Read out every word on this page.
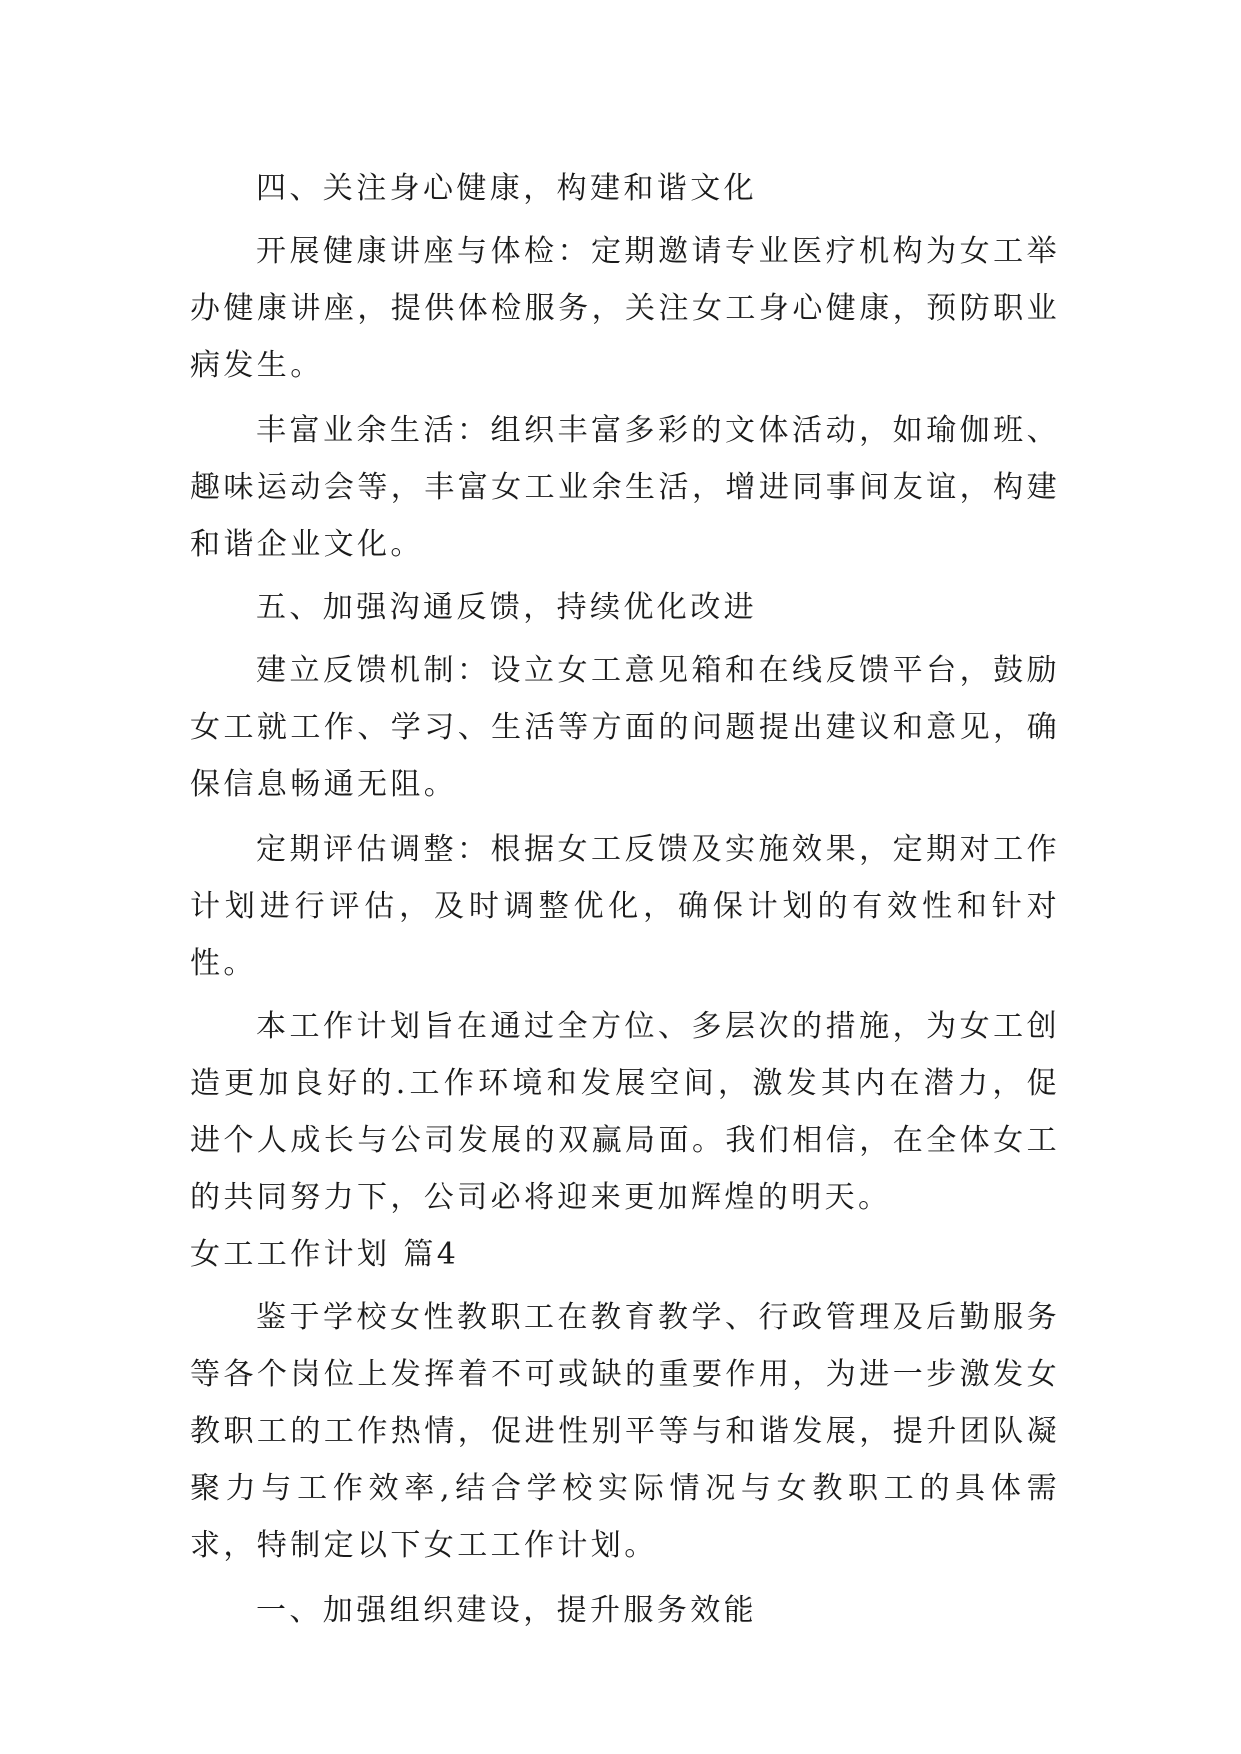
四、关注身心健康，构建和谐文化

开展健康讲座与体检：定期邀请专业医疗机构为女工举办健康讲座，提供体检服务，关注女工身心健康，预防职业病发生。

丰富业余生活：组织丰富多彩的文体活动，如瑜伽班、趣味运动会等，丰富女工业余生活，增进同事间友谊，构建和谐企业文化。

五、加强沟通反馈，持续优化改进

建立反馈机制：设立女工意见箱和在线反馈平台，鼓励女工就工作、学习、生活等方面的问题提出建议和意见，确保信息畅通无阻。

定期评估调整：根据女工反馈及实施效果，定期对工作计划进行评估，及时调整优化，确保计划的有效性和针对性。

本工作计划旨在通过全方位、多层次的措施，为女工创造更加良好的.工作环境和发展空间，激发其内在潜力，促进个人成长与公司发展的双赢局面。我们相信，在全体女工的共同努力下，公司必将迎来更加辉煌的明天。

女工工作计划 篇4

鉴于学校女性教职工在教育教学、行政管理及后勤服务等各个岗位上发挥着不可或缺的重要作用，为进一步激发女教职工的工作热情，促进性别平等与和谐发展，提升团队凝聚力与工作效率,结合学校实际情况与女教职工的具体需求，特制定以下女工工作计划。

一、加强组织建设，提升服务效能
